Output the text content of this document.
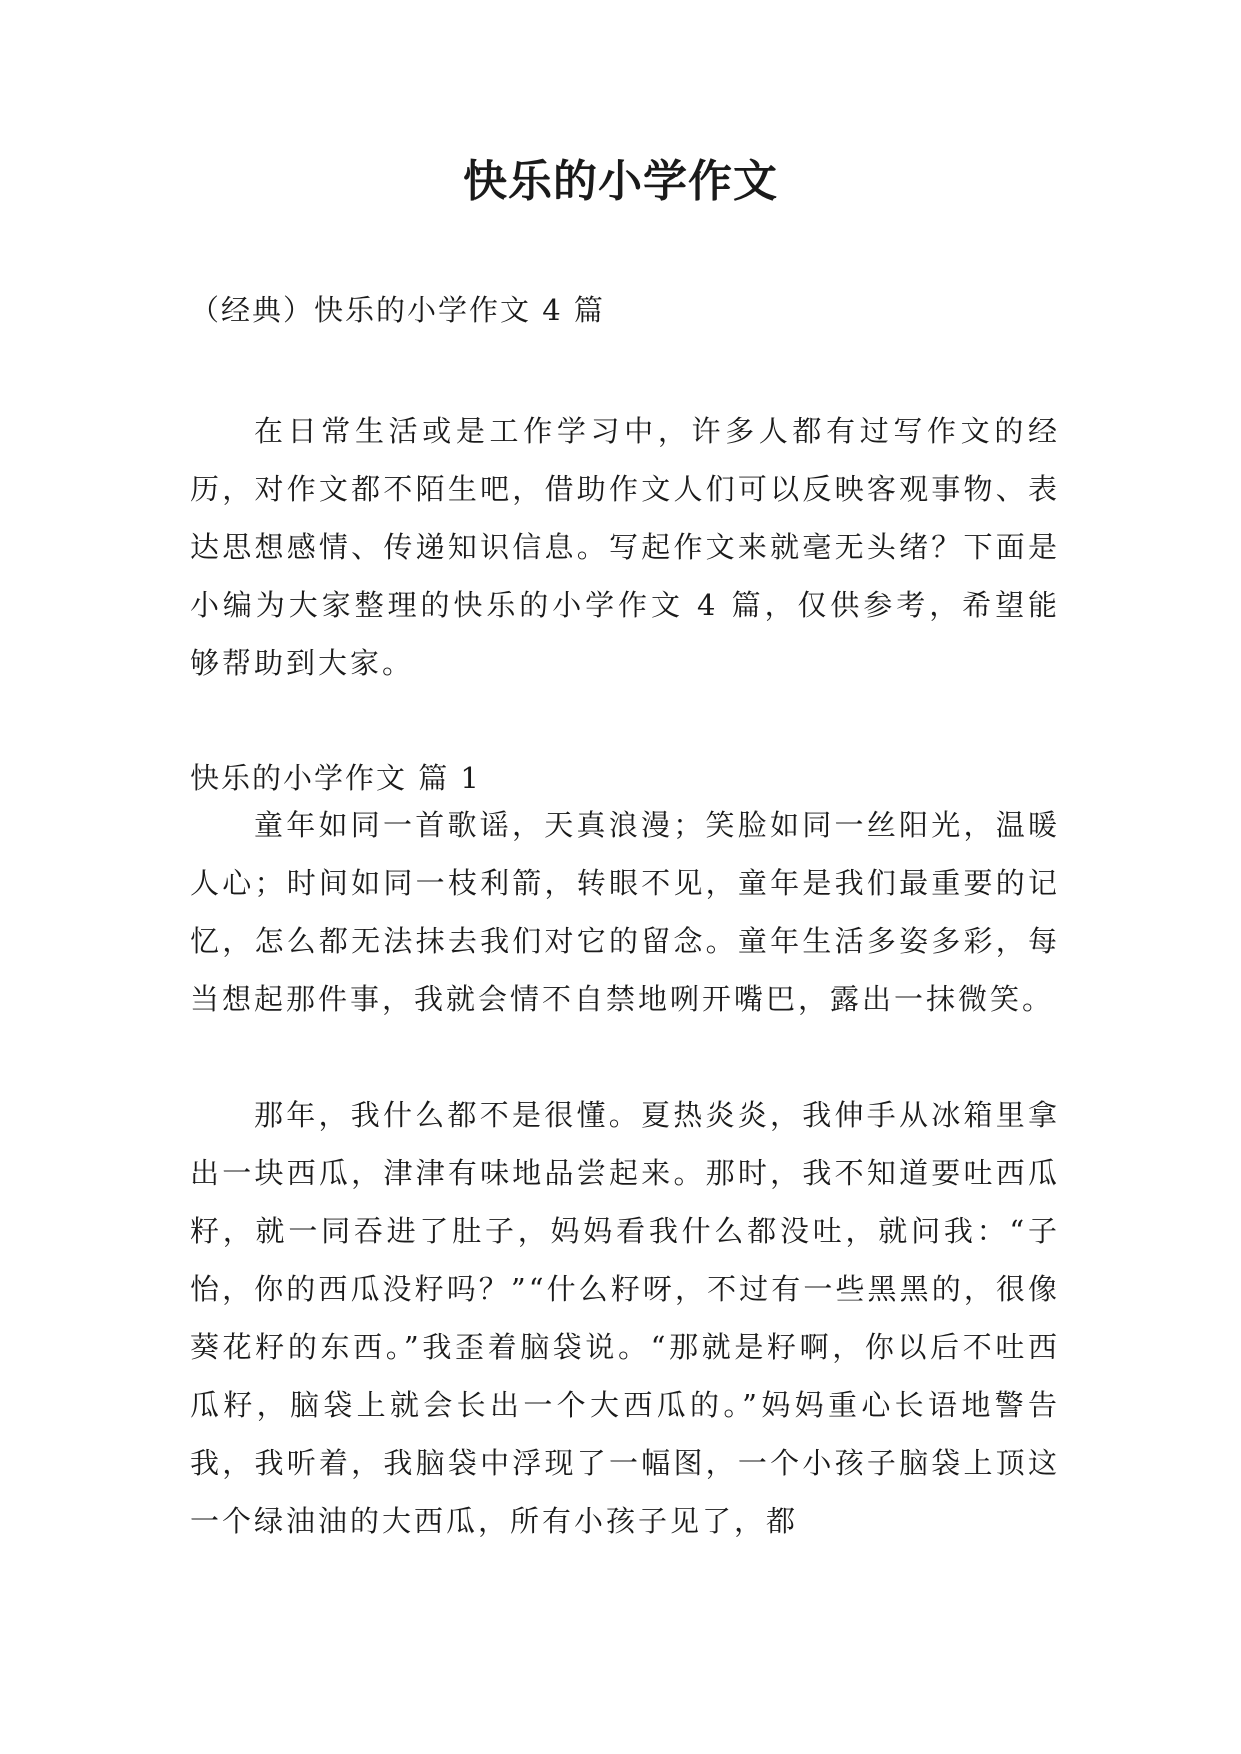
快乐的小学作文
（经典）快乐的小学作文 4 篇

在日常生活或是工作学习中，许多人都有过写作文的经历，对作文都不陌生吧，借助作文人们可以反映客观事物、表达思想感情、传递知识信息。写起作文来就毫无头绪？下面是小编为大家整理的快乐的小学作文 4 篇，仅供参考，希望能够帮助到大家。

快乐的小学作文 篇 1

童年如同一首歌谣，天真浪漫；笑脸如同一丝阳光，温暖人心；时间如同一枝利箭，转眼不见，童年是我们最重要的记忆，怎么都无法抹去我们对它的留念。童年生活多姿多彩，每当想起那件事，我就会情不自禁地咧开嘴巴，露出一抹微笑。

那年，我什么都不是很懂。夏热炎炎，我伸手从冰箱里拿出一块西瓜，津津有味地品尝起来。那时，我不知道要吐西瓜籽，就一同吞进了肚子，妈妈看我什么都没吐，就问我：“子怡，你的西瓜没籽吗？”“什么籽呀，不过有一些黑黑的，很像葵花籽的东西。”我歪着脑袋说。“那就是籽啊，你以后不吐西瓜籽，脑袋上就会长出一个大西瓜的。”妈妈重心长语地警告我，我听着，我脑袋中浮现了一幅图，一个小孩子脑袋上顶这一个绿油油的大西瓜，所有小孩子见了，都
